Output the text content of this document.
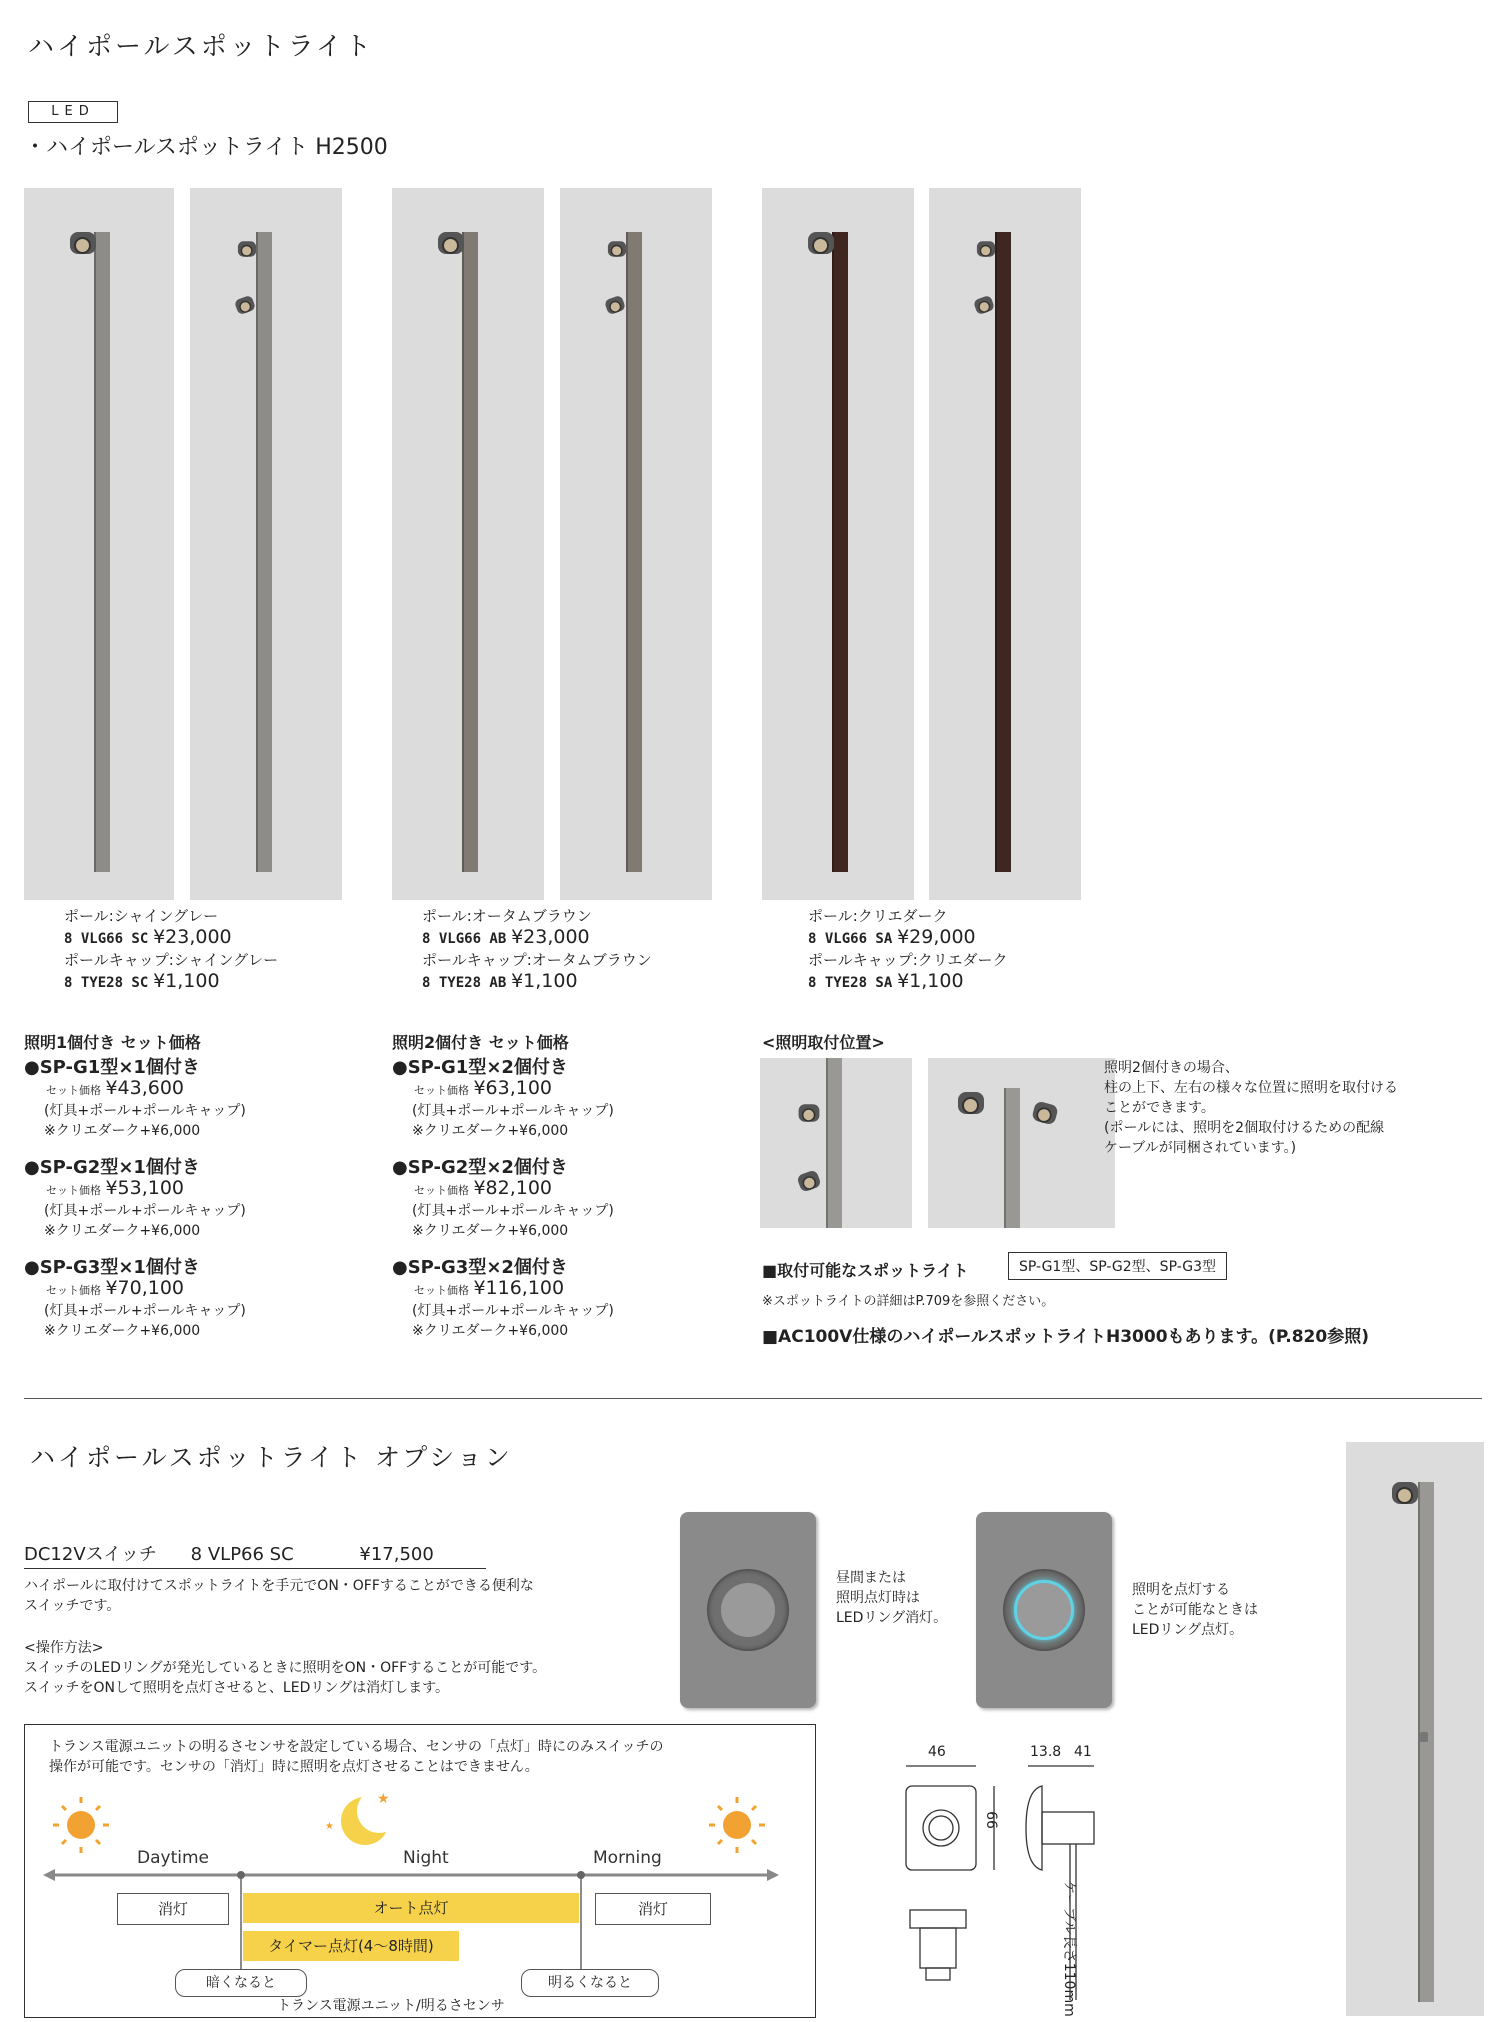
ハイポールスポットライト
LED
・ハイポールスポットライト H2500
ポール:シャイングレー
8 VLG66 SC ¥23,000
ポールキャップ:シャイングレー
8 TYE28 SC ¥1,100
ポール:オータムブラウン
8 VLG66 AB ¥23,000
ポールキャップ:オータムブラウン
8 TYE28 AB ¥1,100
ポール:クリエダーク
8 VLG66 SA ¥29,000
ポールキャップ:クリエダーク
8 TYE28 SA ¥1,100
照明1個付き セット価格
●SP-G1型×1個付き
セット価格 ¥43,600
(灯具+ポール+ポールキャップ)
※クリエダーク+¥6,000
●SP-G2型×1個付き
セット価格 ¥53,100
(灯具+ポール+ポールキャップ)
※クリエダーク+¥6,000
●SP-G3型×1個付き
セット価格 ¥70,100
(灯具+ポール+ポールキャップ)
※クリエダーク+¥6,000
照明2個付き セット価格
●SP-G1型×2個付き
セット価格 ¥63,100
(灯具+ポール+ポールキャップ)
※クリエダーク+¥6,000
●SP-G2型×2個付き
セット価格 ¥82,100
(灯具+ポール+ポールキャップ)
※クリエダーク+¥6,000
●SP-G3型×2個付き
セット価格 ¥116,100
(灯具+ポール+ポールキャップ)
※クリエダーク+¥6,000
<照明取付位置>
照明2個付きの場合、
柱の上下、左右の様々な位置に照明を取付ける
ことができます。
(ポールには、照明を2個取付けるための配線
ケーブルが同梱されています。)
■取付可能なスポットライト	SP-G1型、SP-G2型、SP-G3型
※スポットライトの詳細はP.709を参照ください。
■AC100V仕様のハイポールスポットライトH3000もあります。(P.820参照)
ハイポールスポットライト オプション
DC12Vスイッチ 8 VLP66 SC	¥17,500
ハイポールに取付けてスポットライトを手元でON・OFFすることができる便利な
スイッチです。
<操作方法>
スイッチのLEDリングが発光しているときに照明をON・OFFすることが可能です。
スイッチをONして照明を点灯させると、LEDリングは消灯します。
昼間または
照明点灯時は
LEDリング消灯。
照明を点灯する
ことが可能なときは
LEDリング点灯。
トランス電源ユニットの明るさセンサを設定している場合、センサの「点灯」時にのみスイッチの
操作が可能です。センサの「消灯」時に照明を点灯させることはできません。
★
★
Daytime	Night	Morning
消灯	オート点灯	消灯
タイマー点灯(4〜8時間)
暗くなると	明るくなると
トランス電源ユニット/明るさセンサ
46
66
13.8 41
ケーブル長さ110mm
